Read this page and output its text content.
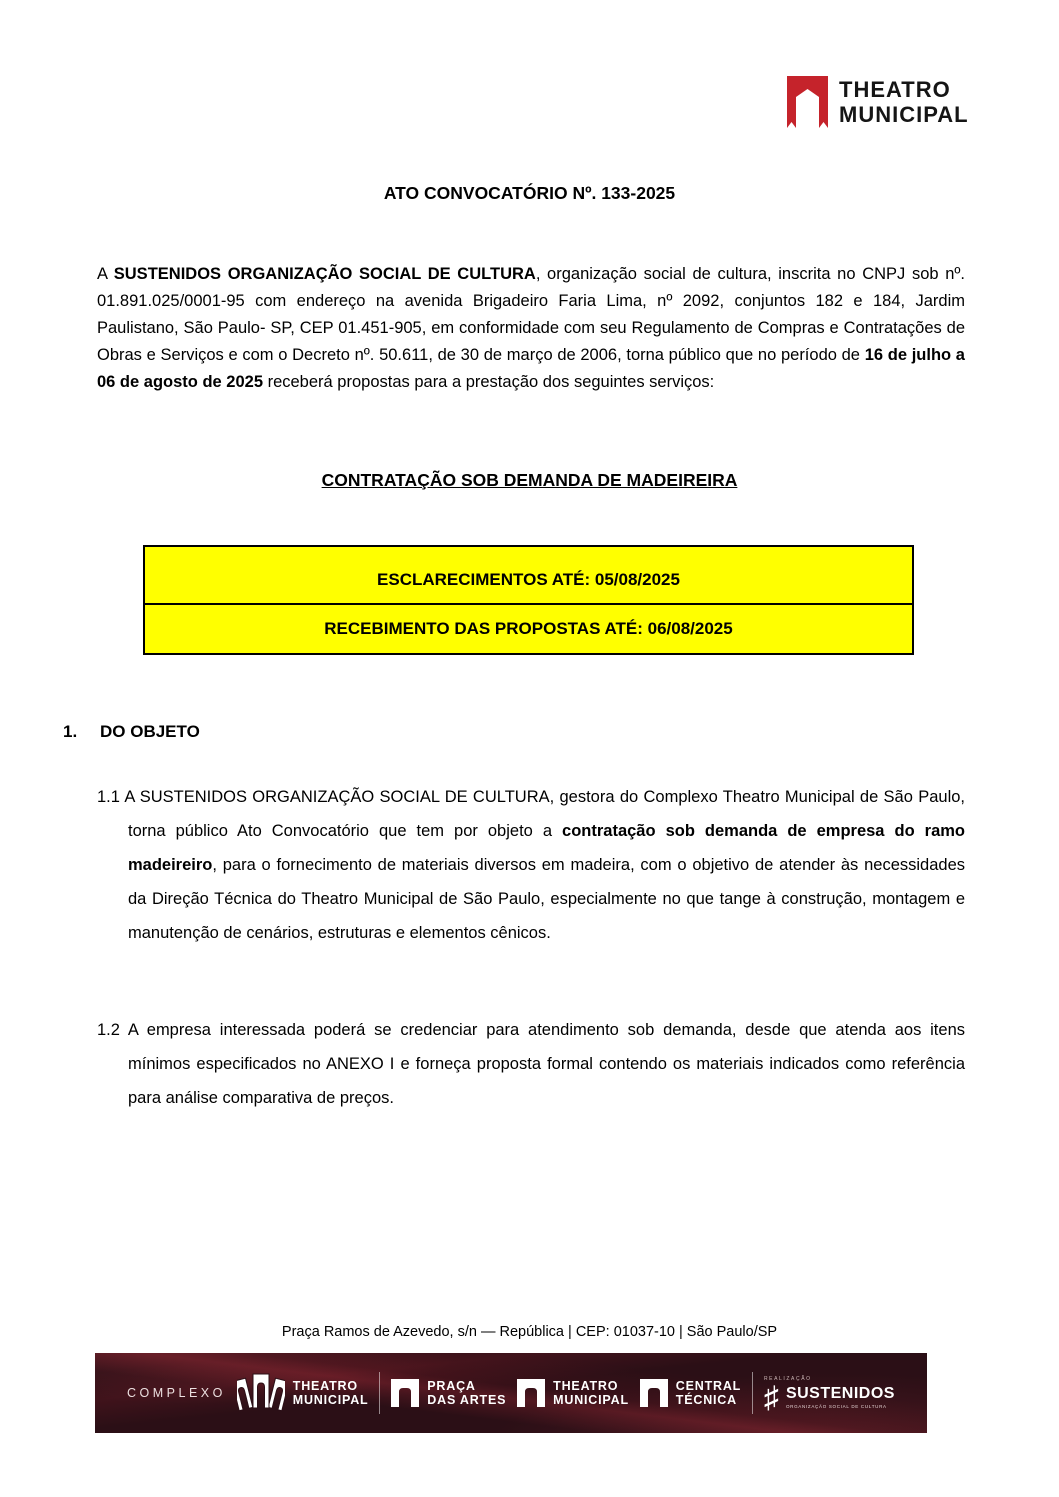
THEATRO
MUNICIPAL
ATO CONVOCATÓRIO Nº. 133-2025

A SUSTENIDOS ORGANIZAÇÃO SOCIAL DE CULTURA, organização social de cultura, inscrita no CNPJ sob nº. 01.891.025/0001-95 com endereço na avenida Brigadeiro Faria Lima, nº 2092, conjuntos 182 e 184, Jardim Paulistano, São Paulo- SP, CEP 01.451-905, em conformidade com seu Regulamento de Compras e Contratações de Obras e Serviços e com o Decreto nº. 50.611, de 30 de março de 2006, torna público que no período de 16 de julho a 06 de agosto de 2025 receberá propostas para a prestação dos seguintes serviços:

CONTRATAÇÃO SOB DEMANDA DE MADEIREIRA
ESCLARECIMENTOS ATÉ: 05/08/2025
RECEBIMENTO DAS PROPOSTAS ATÉ: 06/08/2025
1. DO OBJETO

1.1 A SUSTENIDOS ORGANIZAÇÃO SOCIAL DE CULTURA, gestora do Complexo Theatro Municipal de São Paulo, torna público Ato Convocatório que tem por objeto a contratação sob demanda de empresa do ramo madeireiro, para o fornecimento de materiais diversos em madeira, com o objetivo de atender às necessidades da Direção Técnica do Theatro Municipal de São Paulo, especialmente no que tange à construção, montagem e manutenção de cenários, estruturas e elementos cênicos.

1.2 A empresa interessada poderá se credenciar para atendimento sob demanda, desde que atenda aos itens mínimos especificados no ANEXO I e forneça proposta formal contendo os materiais indicados como referência para análise comparativa de preços.

Praça Ramos de Azevedo, s/n — República | CEP: 01037-10 | São Paulo/SP
COMPLEXO	THEATRO
MUNICIPAL
PRAÇA
DAS ARTES
THEATRO
MUNICIPAL
CENTRAL
TÉCNICA
REALIZAÇÃO
♯ SUSTENIDOS
ORGANIZAÇÃO SOCIAL DE CULTURA
